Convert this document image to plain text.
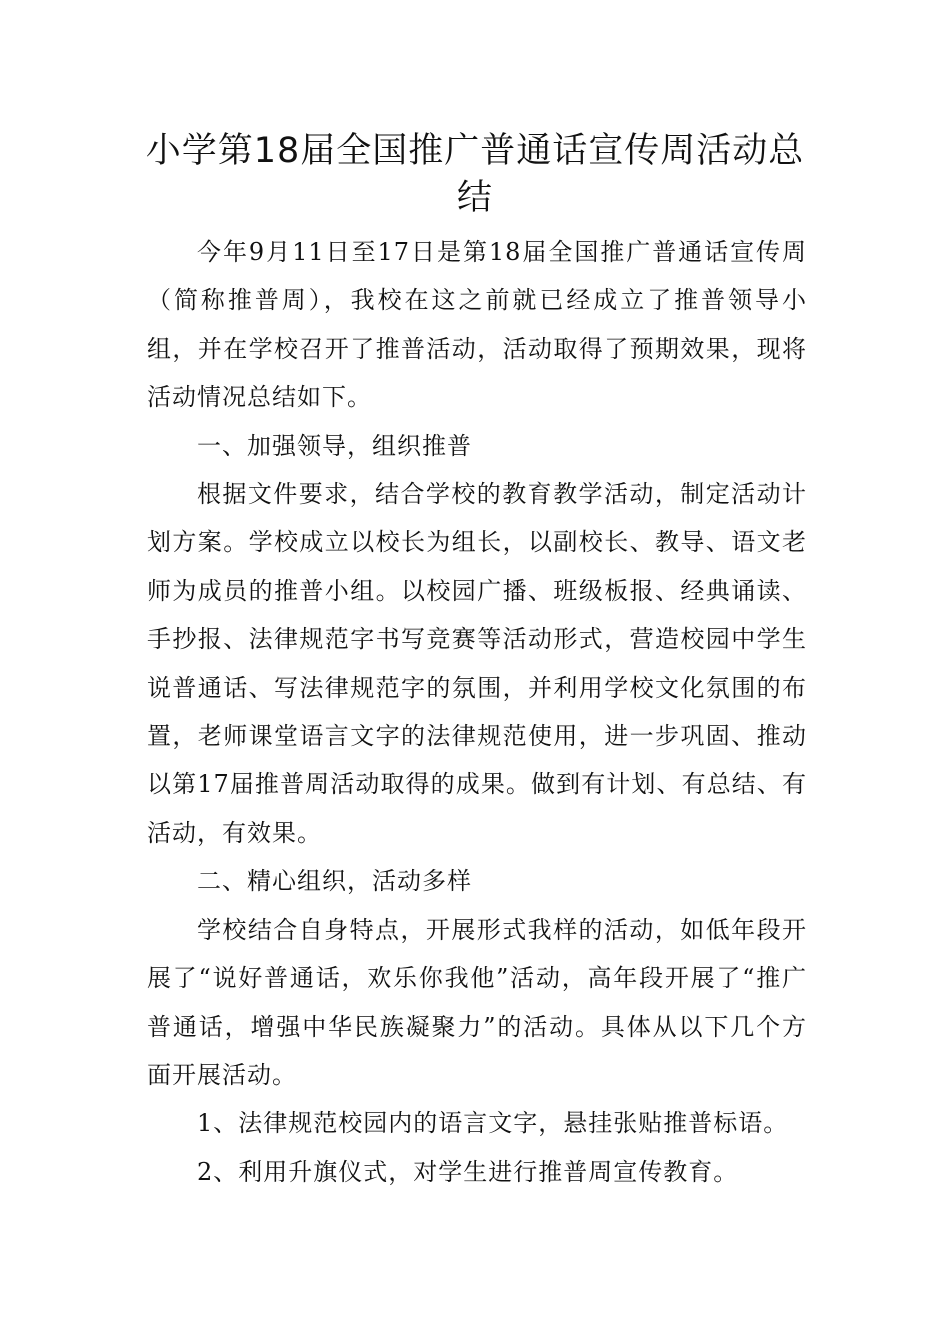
小学第18届全国推广普通话宣传周活动总结

今年9月11日至17日是第18届全国推广普通话宣传周（简称推普周），我校在这之前就已经成立了推普领导小组，并在学校召开了推普活动，活动取得了预期效果，现将活动情况总结如下。

一、加强领导，组织推普

根据文件要求，结合学校的教育教学活动，制定活动计划方案。学校成立以校长为组长，以副校长、教导、语文老师为成员的推普小组。以校园广播、班级板报、经典诵读、手抄报、法律规范字书写竞赛等活动形式，营造校园中学生说普通话、写法律规范字的氛围，并利用学校文化氛围的布置，老师课堂语言文字的法律规范使用，进一步巩固、推动以第17届推普周活动取得的成果。做到有计划、有总结、有活动，有效果。

二、精心组织，活动多样

学校结合自身特点，开展形式我样的活动，如低年段开展了“说好普通话，欢乐你我他”活动，高年段开展了“推广普通话，增强中华民族凝聚力”的活动。具体从以下几个方面开展活动。

1、法律规范校园内的语言文字，悬挂张贴推普标语。

2、利用升旗仪式，对学生进行推普周宣传教育。
